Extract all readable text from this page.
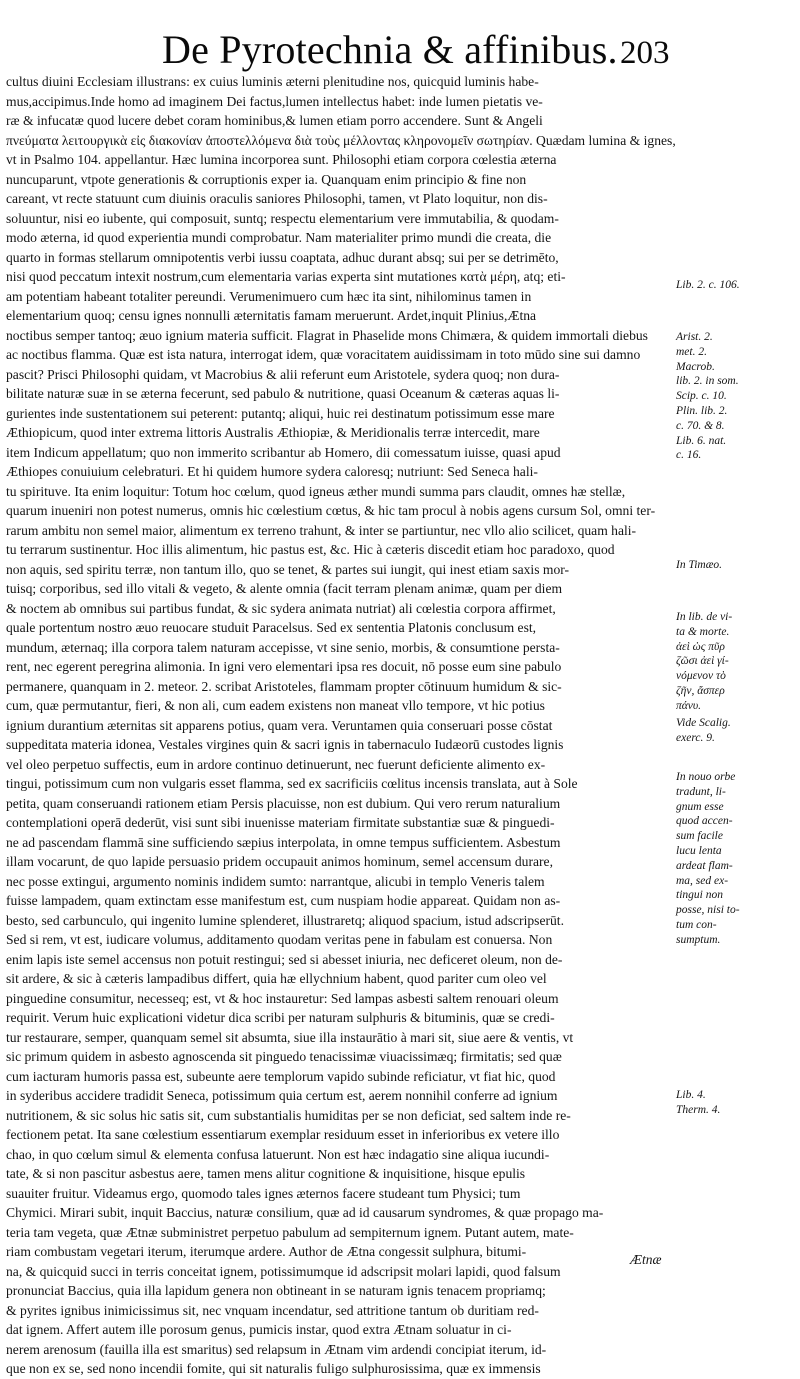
De Pyrotechnia & affinibus. 203
cultus diuini Ecclesiam illustrans: ex cuius luminis æterni plenitudine nos, quicquid luminis habe-
mus,accipimus.Inde homo ad imaginem Dei factus,lumen intellectus habet: inde lumen pietatis ve-
ræ & infucatæ quod lucere debet coram hominibus,& lumen etiam porro accendere. Sunt & Angeli
πνεύματα λειτουργικὰ εἰς διακονίαν ἀποστελλόμενα διὰ τοὺς μέλλοντας κληρονομεῖν σωτηρίαν. Quædam lumina & ignes,
vt in Psalmo 104. appellantur. Hæc lumina incorporea sunt. Philosophi etiam corpora cœlestia æterna
nuncuparunt, vtpote generationis & corruptionis exper ia. Quanquam enim principio & fine non
careant, vt recte statuunt cum diuinis oraculis saniores Philosophi, tamen, vt Plato loquitur, non dis-
soluuntur, nisi eo iubente, qui composuit, suntq; respectu elementarium vere immutabilia, & quodam-
modo æterna, id quod experientia mundi comprobatur. Nam materialiter primo mundi die creata, die
quarto in formas stellarum omnipotentis verbi iussu coaptata, adhuc durant absq; sui per se detrimēto,
nisi quod peccatum intexit nostrum,cum elementaria varias experta sint mutationes κατὰ μέρη, atq; eti-
am potentiam habeant totaliter pereundi. Verumenimuero cum hæc ita sint, nihilominus tamen in
elementarium quoq; censu ignes nonnulli æternitatis famam meruerunt. Ardet,inquit Plinius,Ætna
noctibus semper tantoq; æuo ignium materia sufficit. Flagrat in Phaselide mons Chimæra, & quidem immortali diebus
ac noctibus flamma. Quæ est ista natura, interrogat idem, quæ voracitatem auidissimam in toto mūdo sine sui damno
pascit? Prisci Philosophi quidam, vt Macrobius & alii referunt eum Aristotele, sydera quoq; non dura-
bilitate naturæ suæ in se æterna fecerunt, sed pabulo & nutritione, quasi Oceanum & cæteras aquas li-
gurientes inde sustentationem sui peterent: putantq; aliqui, huic rei destinatum potissimum esse mare
Æthiopicum, quod inter extrema littoris Australis Æthiopiæ, & Meridionalis terræ intercedit, mare
item Indicum appellatum; quo non immerito scribantur ab Homero, dii comessatum iuisse, quasi apud
Æthiopes conuiuium celebraturi. Et hi quidem humore sydera caloresq; nutriunt: Sed Seneca hali-
tu spirituve. Ita enim loquitur: Totum hoc cœlum, quod igneus æther mundi summa pars claudit, omnes hæ stellæ,
quarum inueniri non potest numerus, omnis hic cœlestium cœtus, & hic tam procul à nobis agens cursum Sol, omni ter-
rarum ambitu non semel maior, alimentum ex terreno trahunt, & inter se partiuntur, nec vllo alio scilicet, quam hali-
tu terrarum sustinentur. Hoc illis alimentum, hic pastus est, &c. Hic à cæteris discedit etiam hoc paradoxo, quod
non aquis, sed spiritu terræ, non tantum illo, quo se tenet, & partes sui iungit, qui inest etiam saxis mor-
tuisq; corporibus, sed illo vitali & vegeto, & alente omnia (facit terram plenam animæ, quam per diem
& noctem ab omnibus sui partibus fundat, & sic sydera animata nutriat) ali cœlestia corpora affirmet,
quale portentum nostro æuo reuocare studuit Paracelsus. Sed ex sententia Platonis conclusum est,
mundum, æternaq; illa corpora talem naturam accepisse, vt sine senio, morbis, & consumtione persta-
rent, nec egerent peregrina alimonia. In igni vero elementari ipsa res docuit, nō posse eum sine pabulo
permanere, quanquam in 2. meteor. 2. scribat Aristoteles, flammam propter cōtinuum humidum & sic-
cum, quæ permutantur, fieri, & non ali, cum eadem existens non maneat vllo tempore, vt hic potius
ignium durantium æternitas sit apparens potius, quam vera. Veruntamen quia conseruari posse cōstat
suppeditata materia idonea, Vestales virgines quin & sacri ignis in tabernaculo Iudæorū custodes lignis
vel oleo perpetuo suffectis, eum in ardore continuo detinuerunt, nec fuerunt deficiente alimento ex-
tingui, potissimum cum non vulgaris esset flamma, sed ex sacrificiis cœlitus incensis translata, aut à Sole
petita, quam conseruandi rationem etiam Persis placuisse, non est dubium. Qui vero rerum naturalium
contemplationi operā dederūt, visi sunt sibi inuenisse materiam firmitate substantiæ suæ & pinguedi-
ne ad pascendam flammā sine sufficiendo sæpius interpolata, in omne tempus sufficientem. Asbestum
illam vocarunt, de quo lapide persuasio pridem occupauit animos hominum, semel accensum durare,
nec posse extingui, argumento nominis indidem sumto: narrantque, alicubi in templo Veneris talem
fuisse lampadem, quam extinctam esse manifestum est, cum nuspiam hodie appareat. Quidam non as-
besto, sed carbunculo, qui ingenito lumine splenderet, illustraretq; aliquod spacium, istud adscripserūt.
Sed si rem, vt est, iudicare volumus, additamento quodam veritas pene in fabulam est conuersa. Non
enim lapis iste semel accensus non potuit restingui; sed si abesset iniuria, nec deficeret oleum, non de-
sit ardere, & sic à cæteris lampadibus differt, quia hæ ellychnium habent, quod pariter cum oleo vel
pinguedine consumitur, necesseq; est, vt & hoc instauretur: Sed lampas asbesti saltem renouari oleum
requirit. Verum huic explicationi videtur dica scribi per naturam sulphuris & bituminis, quæ se credi-
tur restaurare, semper, quanquam semel sit absumta, siue illa instaurātio à mari sit, siue aere & ventis, vt
sic primum quidem in asbesto agnoscenda sit pinguedo tenacissimæ viuacissimæq; firmitatis; sed quæ
cum iacturam humoris passa est, subeunte aere templorum vapido subinde reficiatur, vt fiat hic, quod
in syderibus accidere tradidit Seneca, potissimum quia certum est, aerem nonnihil conferre ad ignium
nutritionem, & sic solus hic satis sit, cum substantialis humiditas per se non deficiat, sed saltem inde re-
fectionem petat. Ita sane cœlestium essentiarum exemplar residuum esset in inferioribus ex vetere illo
chao, in quo cœlum simul & elementa confusa latuerunt. Non est hæc indagatio sine aliqua iucundi-
tate, & si non pascitur asbestus aere, tamen mens alitur cognitione & inquisitione, hisque epulis
suauiter fruitur. Videamus ergo, quomodo tales ignes æternos facere studeant tum Physici; tum
Chymici. Mirari subit, inquit Baccius, naturæ consilium, quæ ad id causarum syndromes, & quæ propago ma-
teria tam vegeta, quæ Ætnæ subministret perpetuo pabulum ad sempiternum ignem. Putant autem, mate-
riam combustam vegetari iterum, iterumque ardere. Author de Ætna congessit sulphura, bitumi-
na, & quicquid succi in terris conceitat ignem, potissimumque id adscripsit molari lapidi, quod falsum
pronunciat Baccius, quia illa lapidum genera non obtineant in se naturam ignis tenacem propriamq;
& pyrites ignibus inimicissimus sit, nec vnquam incendatur, sed attritione tantum ob duritiam red-
dat ignem. Affert autem ille porosum genus, pumicis instar, quod extra Ætnam soluatur in ci-
nerem arenosum (fauilla illa est smaritus) sed relapsum in Ætnam vim ardendi concipiat iterum, id-
que non ex se, sed nono incendii fomite, qui sit naturalis fuligo sulphurosissima, quæ ex immensis
Lib. 2. c. 106.
Arist. 2.
met. 2.
Macrob.
lib. 2. in som.
Scip. c. 10.
Plin. lib. 2.
c. 70. & 8.
Lib. 6. nat.
c. 16.
In Timæo.
In lib. de vi-
ta & morte.
ἀεὶ ὡς πῦρ
ζῶσι ἀεὶ γί-
νόμενον τὸ
ζῆν, ἄσπερ
πάνυ.
Vide Scalig.
exerc. 9.
In nouo orbe
tradunt, li-
gnum esse
quod accen-
sum facile
lucu lenta
ardeat flam-
ma, sed ex-
tingui non
posse, nisi to-
tum con-
sumptum.
Lib. 4.
Therm. 4.
Ætnæ
